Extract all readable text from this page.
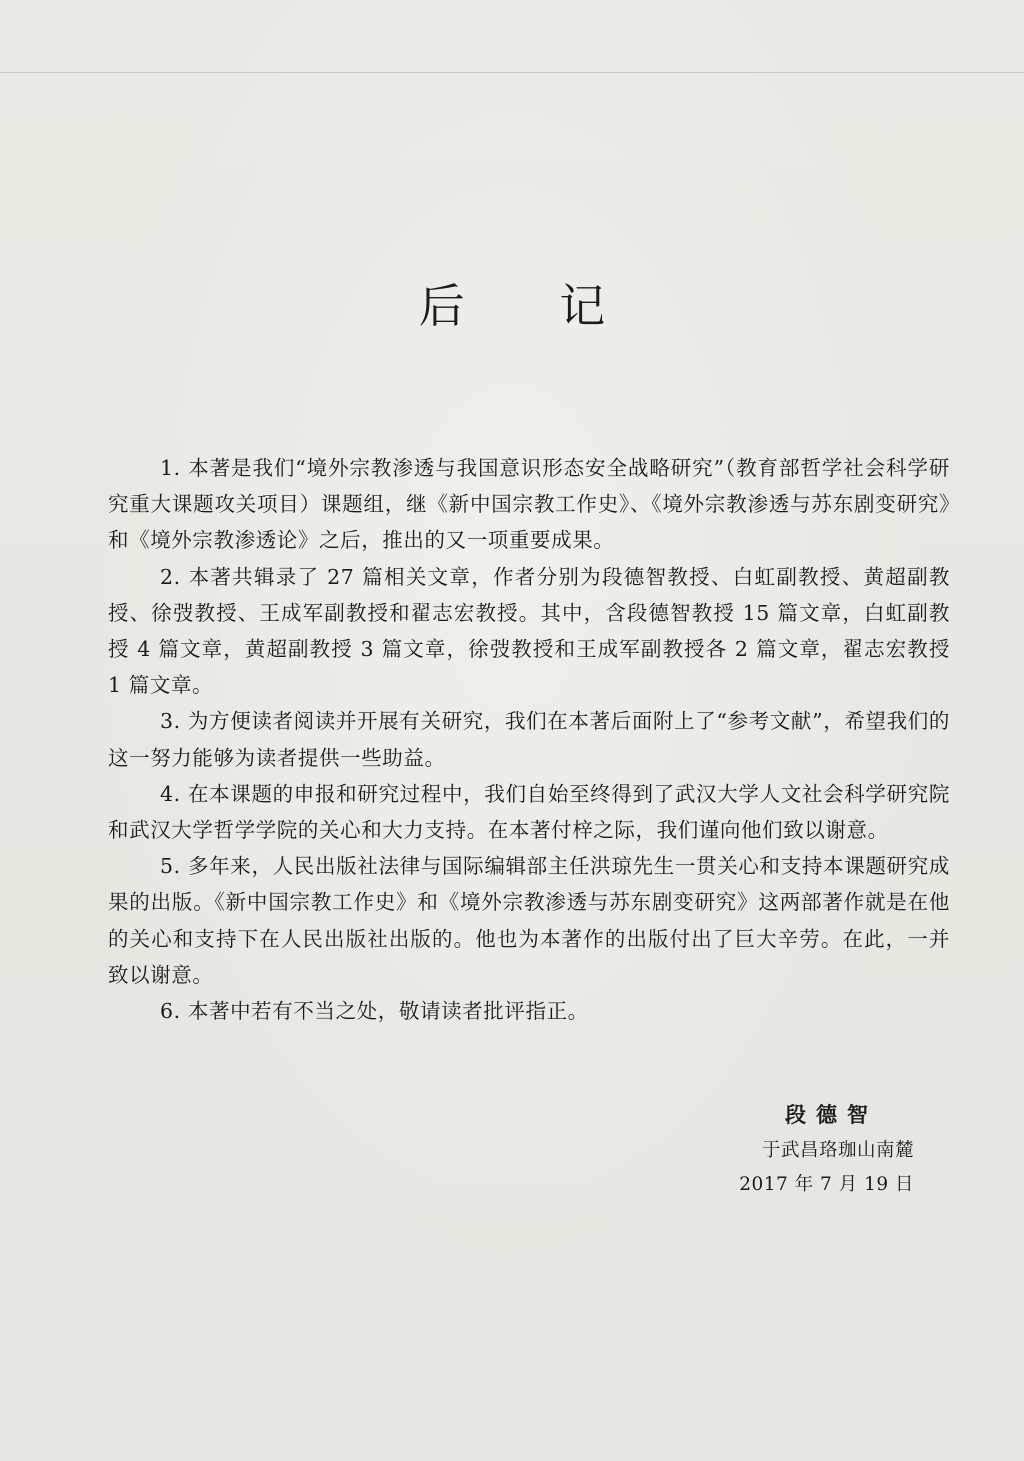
后 记

1. 本著是我们“境外宗教渗透与我国意识形态安全战略研究”（教育部哲学社会科学研究重大课题攻关项目）课题组，继《新中国宗教工作史》、《境外宗教渗透与苏东剧变研究》和《境外宗教渗透论》之后，推出的又一项重要成果。

2. 本著共辑录了 27 篇相关文章，作者分别为段德智教授、白虹副教授、黄超副教授、徐弢教授、王成军副教授和翟志宏教授。其中，含段德智教授 15 篇文章，白虹副教授 4 篇文章，黄超副教授 3 篇文章，徐弢教授和王成军副教授各 2 篇文章，翟志宏教授 1 篇文章。

3. 为方便读者阅读并开展有关研究，我们在本著后面附上了“参考文献”，希望我们的这一努力能够为读者提供一些助益。

4. 在本课题的申报和研究过程中，我们自始至终得到了武汉大学人文社会科学研究院和武汉大学哲学学院的关心和大力支持。在本著付梓之际，我们谨向他们致以谢意。

5. 多年来，人民出版社法律与国际编辑部主任洪琼先生一贯关心和支持本课题研究成果的出版。《新中国宗教工作史》和《境外宗教渗透与苏东剧变研究》这两部著作就是在他的关心和支持下在人民出版社出版的。他也为本著作的出版付出了巨大辛劳。在此，一并致以谢意。

6. 本著中若有不当之处，敬请读者批评指正。

段德智
于武昌珞珈山南麓
2017 年 7 月 19 日
